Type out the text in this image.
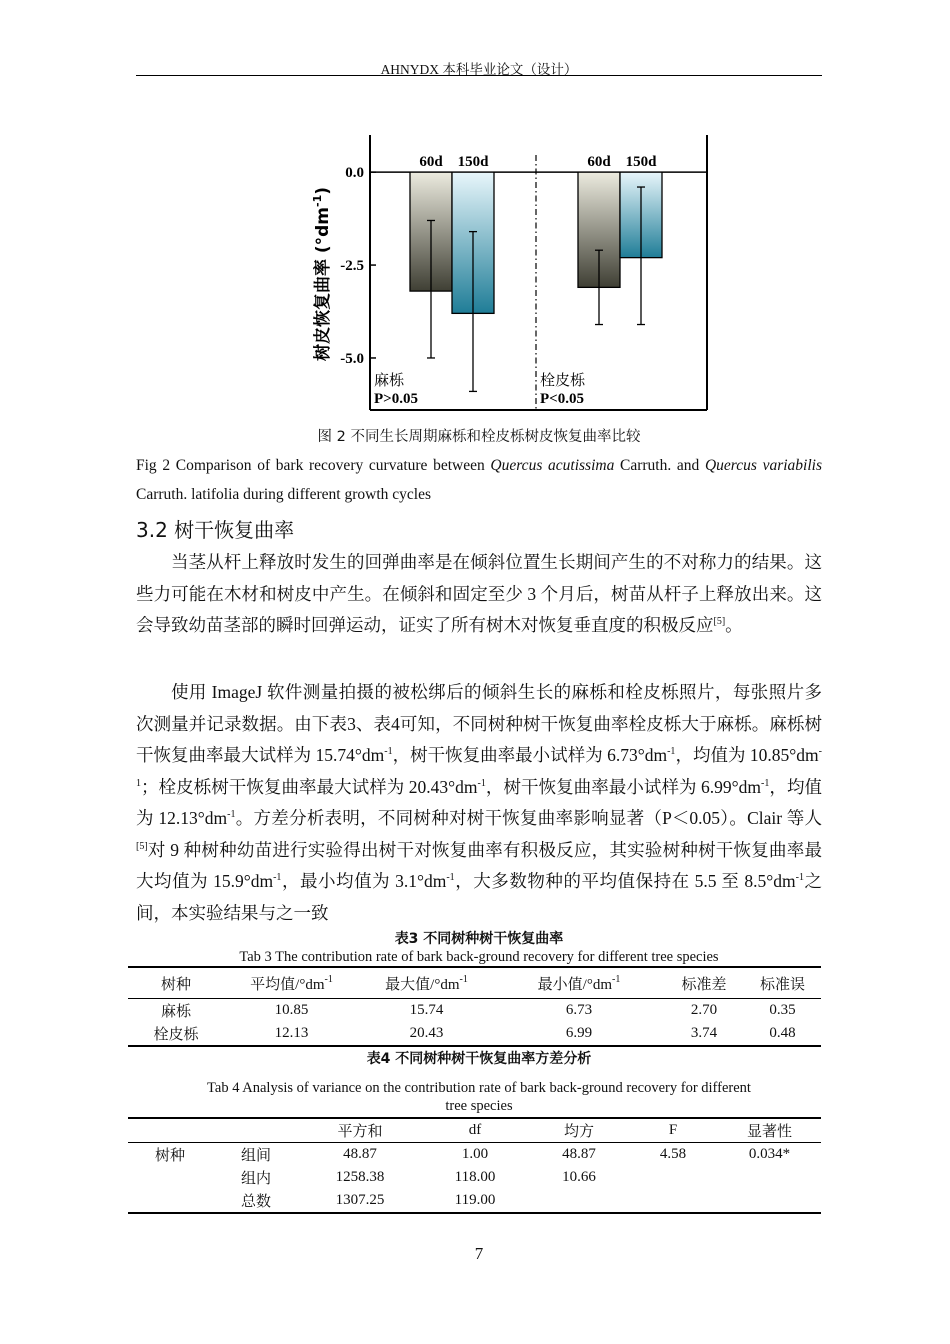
AHNYDX 本科毕业论文（设计）
0.0
-2.5
-5.0
60d 150d
麻栎
P>0.05
60d 150d
栓皮栎
P<0.05
树皮恢复曲率 $(^\circ dm^{-1})$
图 2 不同生长周期麻栎和栓皮栎树皮恢复曲率比较
Fig 2 Comparison of bark recovery curvature between Quercus acutissima Carruth. and Quercus variabilis Carruth. latifolia during different growth cycles
3.2 树干恢复曲率

当茎从杆上释放时发生的回弹曲率是在倾斜位置生长期间产生的不对称力的结果。这些力可能在木材和树皮中产生。在倾斜和固定至少 3 个月后，树苗从杆子上释放出来。这会导致幼苗茎部的瞬时回弹运动，证实了所有树木对恢复垂直度的积极反应[5]。

使用 ImageJ 软件测量拍摄的被松绑后的倾斜生长的麻栎和栓皮栎照片，每张照片多次测量并记录数据。由下表3、表4可知，不同树种树干恢复曲率栓皮栎大于麻栎。麻栎树干恢复曲率最大试样为 $15.74^\circ dm^{-1}$，树干恢复曲率最小试样为 $6.73^\circ dm^{-1}$，均值为 $10.85^\circ dm^{-1}$；栓皮栎树干恢复曲率最大试样为 $20.43^\circ dm^{-1}$，树干恢复曲率最小试样为 $6.99^\circ dm^{-1}$，均值为 $12.13^\circ dm^{-1}$。方差分析表明，不同树种对树干恢复曲率影响显著（P＜0.05）。Clair 等人[5]对 9 种树种幼苗进行实验得出树干对恢复曲率有积极反应，其实验树种树干恢复曲率最大均值为 $15.9^\circ dm^{-1}$，最小均值为 $3.1^\circ dm^{-1}$，大多数物种的平均值保持在 5.5 至 $8.5^\circ dm^{-1}$之间，本实验结果与之一致

表3 不同树种树干恢复曲率
Tab 3 The contribution rate of bark back-ground recovery for different tree species
树种	平均值$/^\circ dm^{-1}$	最大值$/^\circ dm^{-1}$	最小值$/^\circ dm^{-1}$	标准差	标准误
麻栎	10.85	15.74	6.73	2.70	0.35
栓皮栎	12.13	20.43	6.99	3.74	0.48
表4 不同树种树干恢复曲率方差分析
Tab 4 Analysis of variance on the contribution rate of bark back-ground recovery for different tree species
		平方和	df	均方	F	显著性
树种	组间	48.87	1.00	48.87	4.58	0.034*
	组内	1258.38	118.00	10.66		
	总数	1307.25	119.00			
7
